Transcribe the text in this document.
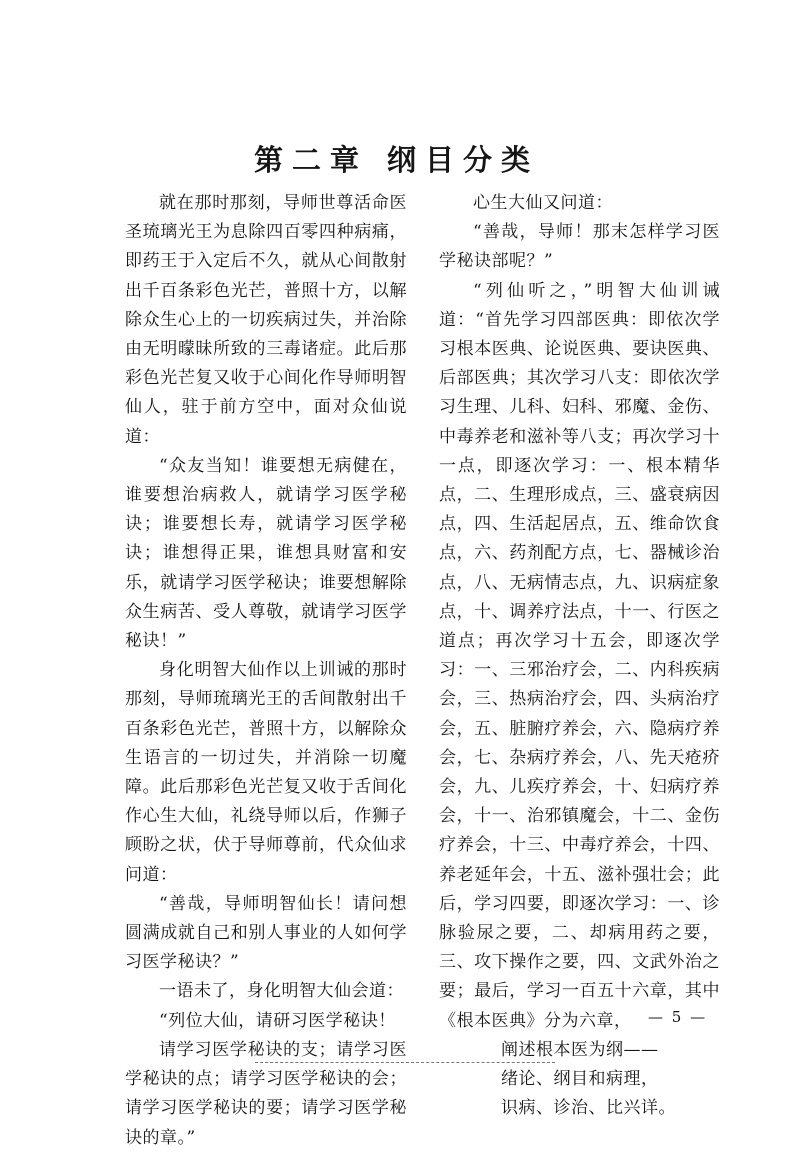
第二章 纲目分类

就在那时那刻，导师世尊活命医圣琉璃光王为息除四百零四种病痛，即药王于入定后不久，就从心间散射出千百条彩色光芒，普照十方，以解除众生心上的一切疾病过失，并治除由无明曚昧所致的三毒诸症。此后那彩色光芒复又收于心间化作导师明智仙人，驻于前方空中，面对众仙说道：

“众友当知！谁要想无病健在，谁要想治病救人，就请学习医学秘诀；谁要想长寿，就请学习医学秘诀；谁想得正果，谁想具财富和安乐，就请学习医学秘诀；谁要想解除众生病苦、受人尊敬，就请学习医学秘诀！”

身化明智大仙作以上训诫的那时那刻，导师琉璃光王的舌间散射出千百条彩色光芒，普照十方，以解除众生语言的一切过失，并消除一切魔障。此后那彩色光芒复又收于舌间化作心生大仙，礼绕导师以后，作狮子顾盼之状，伏于导师尊前，代众仙求问道：

“善哉，导师明智仙长！请问想圆满成就自己和别人事业的人如何学习医学秘诀？”

一语未了，身化明智大仙会道：

“列位大仙，请研习医学秘诀！

请学习医学秘诀的支；请学习医学秘诀的点；请学习医学秘诀的会；请学习医学秘诀的要；请学习医学秘诀的章。”

心生大仙又问道：

“善哉，导师！那末怎样学习医学秘诀部呢？”

“列仙听之，”明智大仙训诫道：“首先学习四部医典：即依次学习根本医典、论说医典、要诀医典、后部医典；其次学习八支：即依次学习生理、儿科、妇科、邪魔、金伤、中毒养老和滋补等八支；再次学习十一点，即逐次学习：一、根本精华点，二、生理形成点，三、盛衰病因点，四、生活起居点，五、维命饮食点，六、药剂配方点，七、器械诊治点，八、无病情志点，九、识病症象点，十、调养疗法点，十一、行医之道点；再次学习十五会，即逐次学习：一、三邪治疗会，二、内科疾病会，三、热病治疗会，四、头病治疗会，五、脏腑疗养会，六、隐病疗养会，七、杂病疗养会，八、先天疮疥会，九、儿疾疗养会，十、妇病疗养会，十一、治邪镇魔会，十二、金伤疗养会，十三、中毒疗养会，十四、养老延年会，十五、滋补强壮会；此后，学习四要，即逐次学习：一、诊脉验尿之要，二、却病用药之要，三、攻下操作之要，四、文武外治之要；最后，学习一百五十六章，其中《根本医典》分为六章，

阐述根本医为纲——
绪论、纲目和病理，
识病、诊治、比兴详。
— 5 —
